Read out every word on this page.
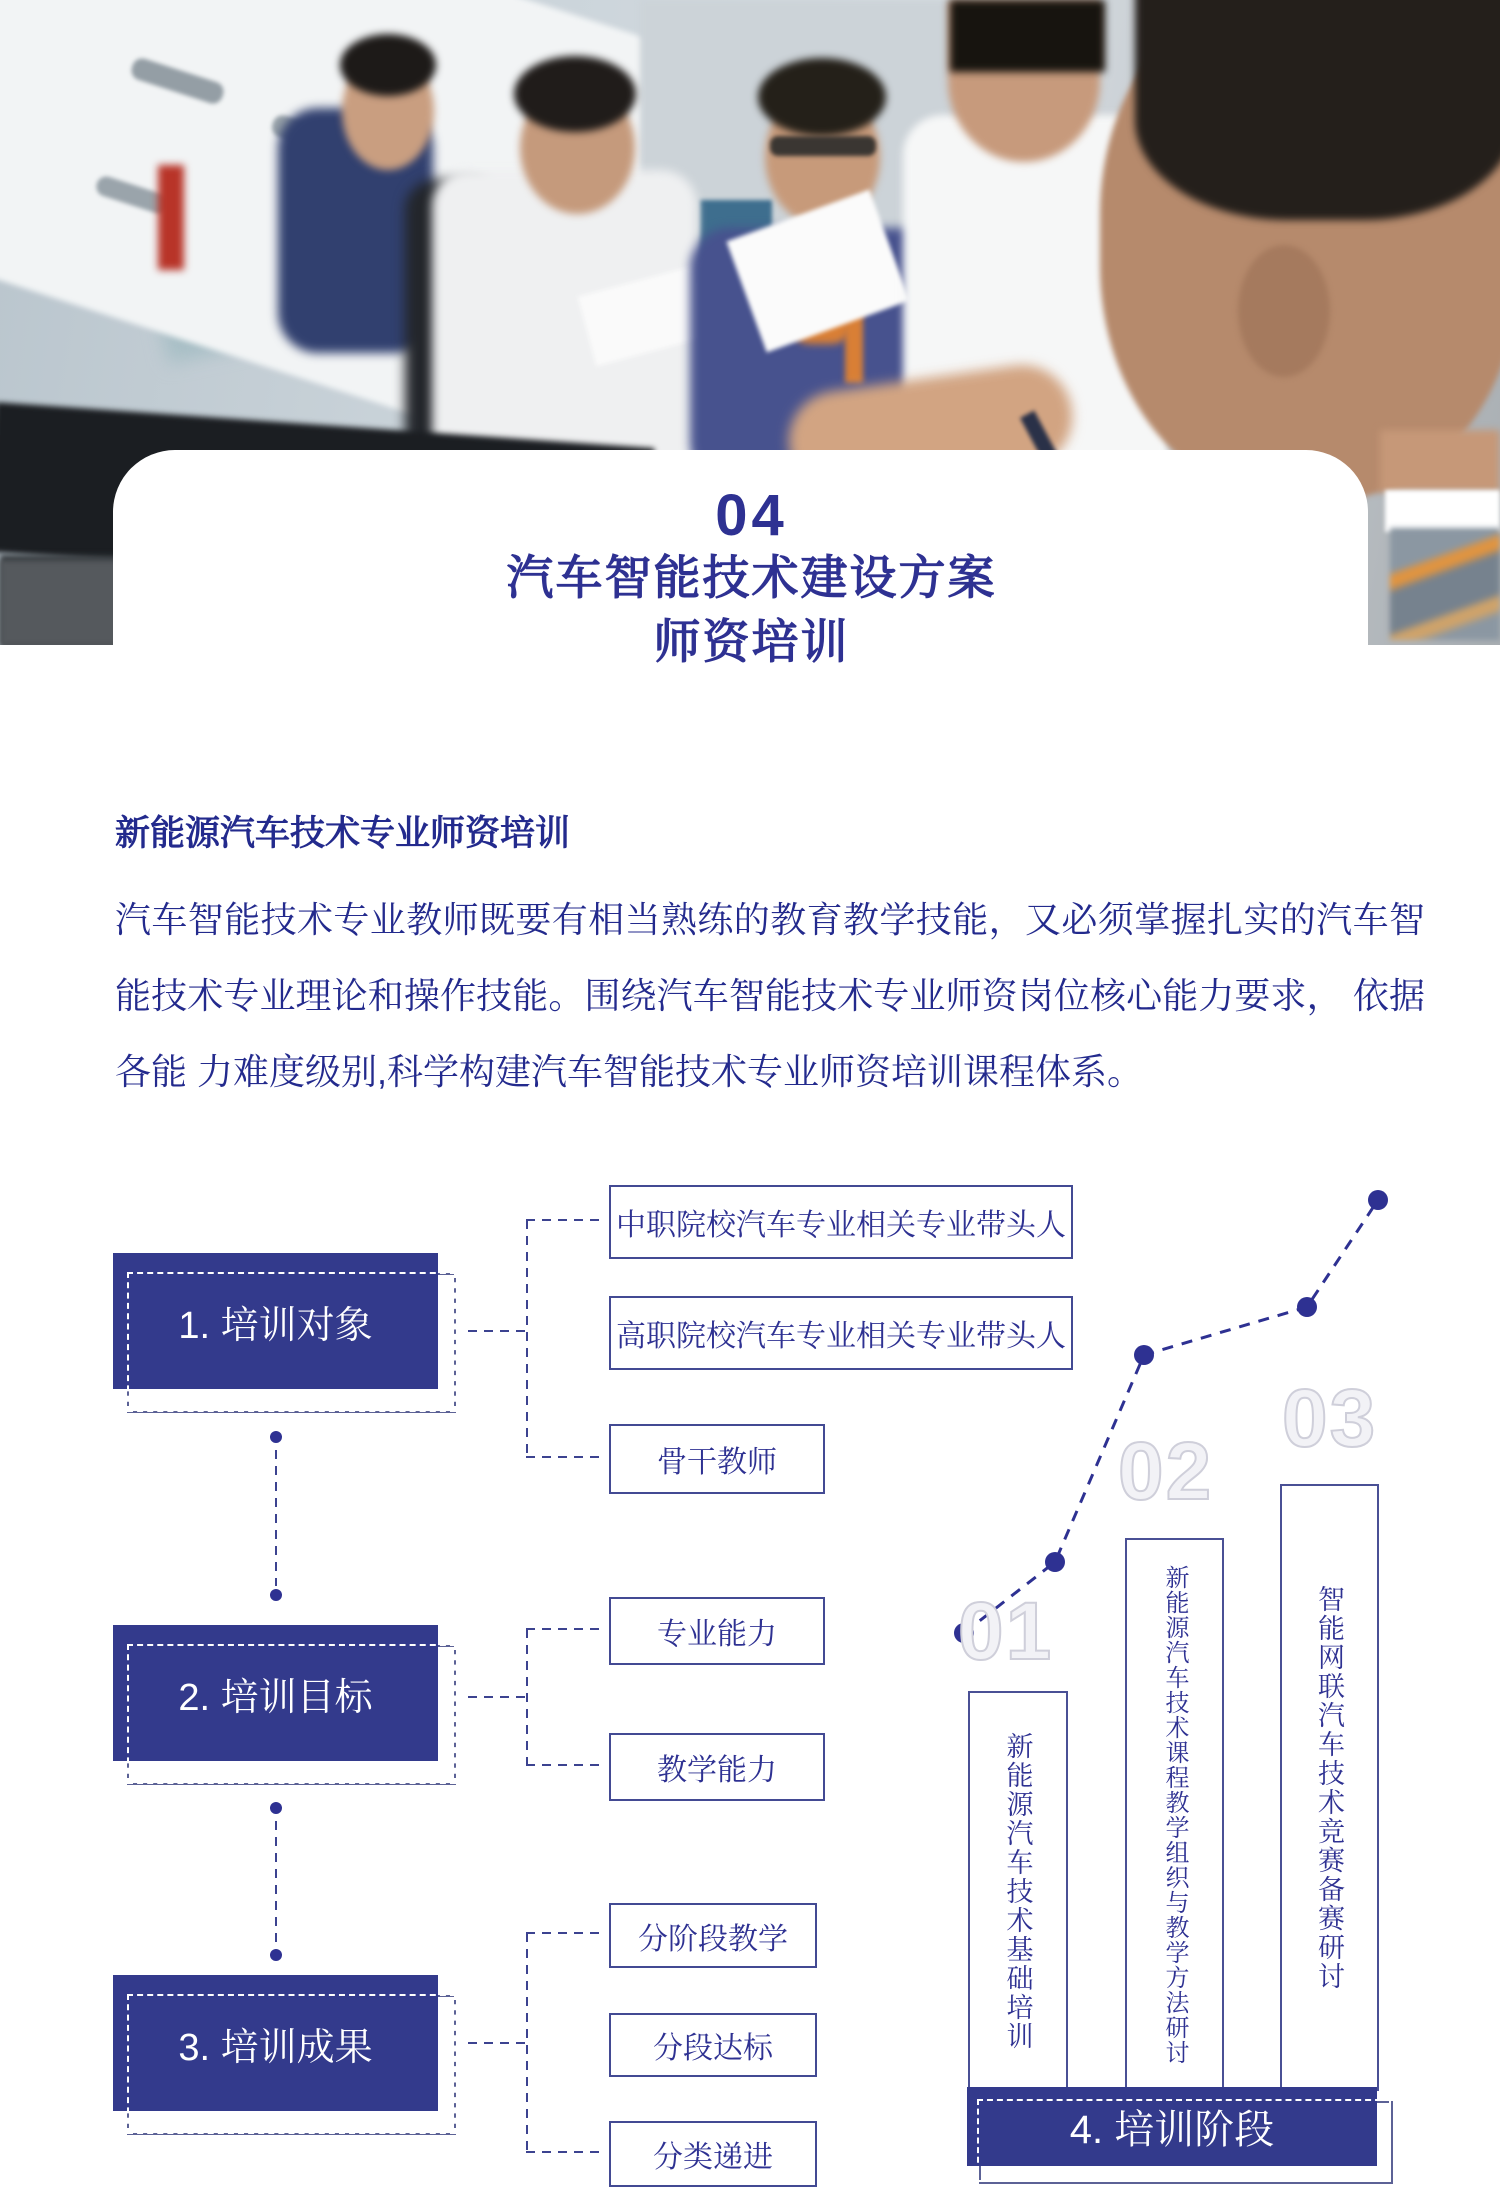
04
汽车智能技术建设方案
师资培训
新能源汽车技术专业师资培训

汽车智能技术专业教师既要有相当熟练的教育教学技能，又必须掌握扎实的汽车智能技术专业理论和操作技能。围绕汽车智能技术专业师资岗位核心能力要求， 依据各能 力难度级别,科学构建汽车智能技术专业师资培训课程体系。

1. 培训对象
中职院校汽车专业相关专业带头人
高职院校汽车专业相关专业带头人
骨干教师
2. 培训目标
专业能力
教学能力
3. 培训成果
分阶段教学
分段达标
分类递进
01
02
03
新能源汽车技术基础培训	新能源汽车技术课程教学组织与教学方法研讨	智能网联汽车技术竞赛备赛研讨
4. 培训阶段
